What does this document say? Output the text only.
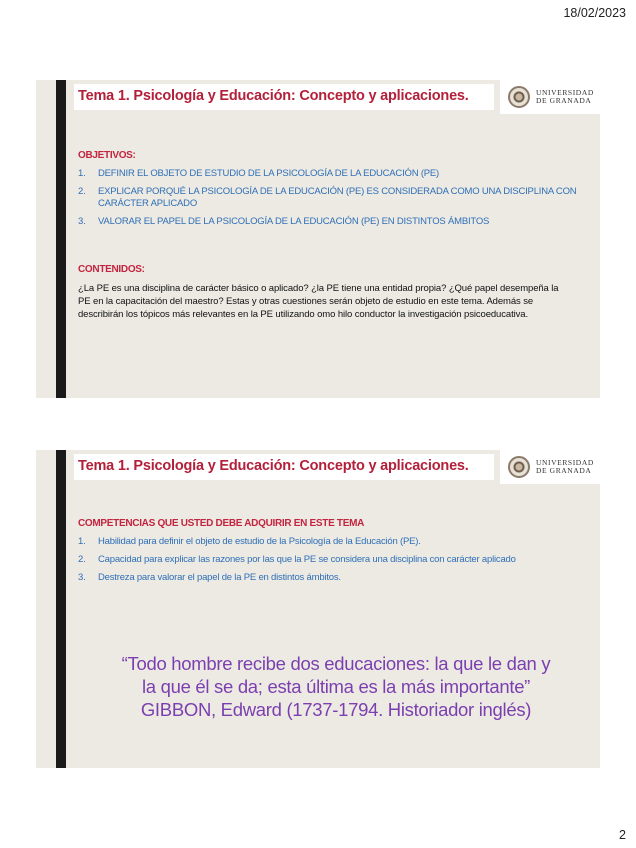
18/02/2023
Tema 1. Psicología y Educación: Concepto y aplicaciones.	UNIVERSIDAD
DE GRANADA
OBJETIVOS:
1.	DEFINIR EL OBJETO DE ESTUDIO DE LA PSICOLOGÍA DE LA EDUCACIÓN (PE)
2.	EXPLICAR PORQUÉ LA PSICOLOGÍA DE LA EDUCACIÓN (PE) ES CONSIDERADA COMO UNA DISCIPLINA CON CARÁCTER APLICADO
3.	VALORAR EL PAPEL DE LA PSICOLOGÍA DE LA EDUCACIÓN (PE) EN DISTINTOS ÁMBITOS
CONTENIDOS:
¿La PE es una disciplina de carácter básico o aplicado? ¿la PE tiene una entidad propia? ¿Qué papel desempeña la PE en la capacitación del maestro? Estas y otras cuestiones serán objeto de estudio en este tema. Además se describirán los tópicos más relevantes en la PE utilizando omo hilo conductor la investigación psicoeducativa.
Tema 1. Psicología y Educación: Concepto y aplicaciones.	UNIVERSIDAD
DE GRANADA
COMPETENCIAS QUE USTED DEBE ADQUIRIR EN ESTE TEMA
1.	Habilidad para definir el objeto de estudio de la Psicología de la Educación (PE).
2.	Capacidad para explicar las razones por las que la PE se considera una disciplina con carácter aplicado
3.	Destreza para valorar el papel de la PE en distintos ámbitos.
“Todo hombre recibe dos educaciones: la que le dan y
la que él se da; esta última es la más importante”
GIBBON, Edward (1737-1794. Historiador inglés)
2
